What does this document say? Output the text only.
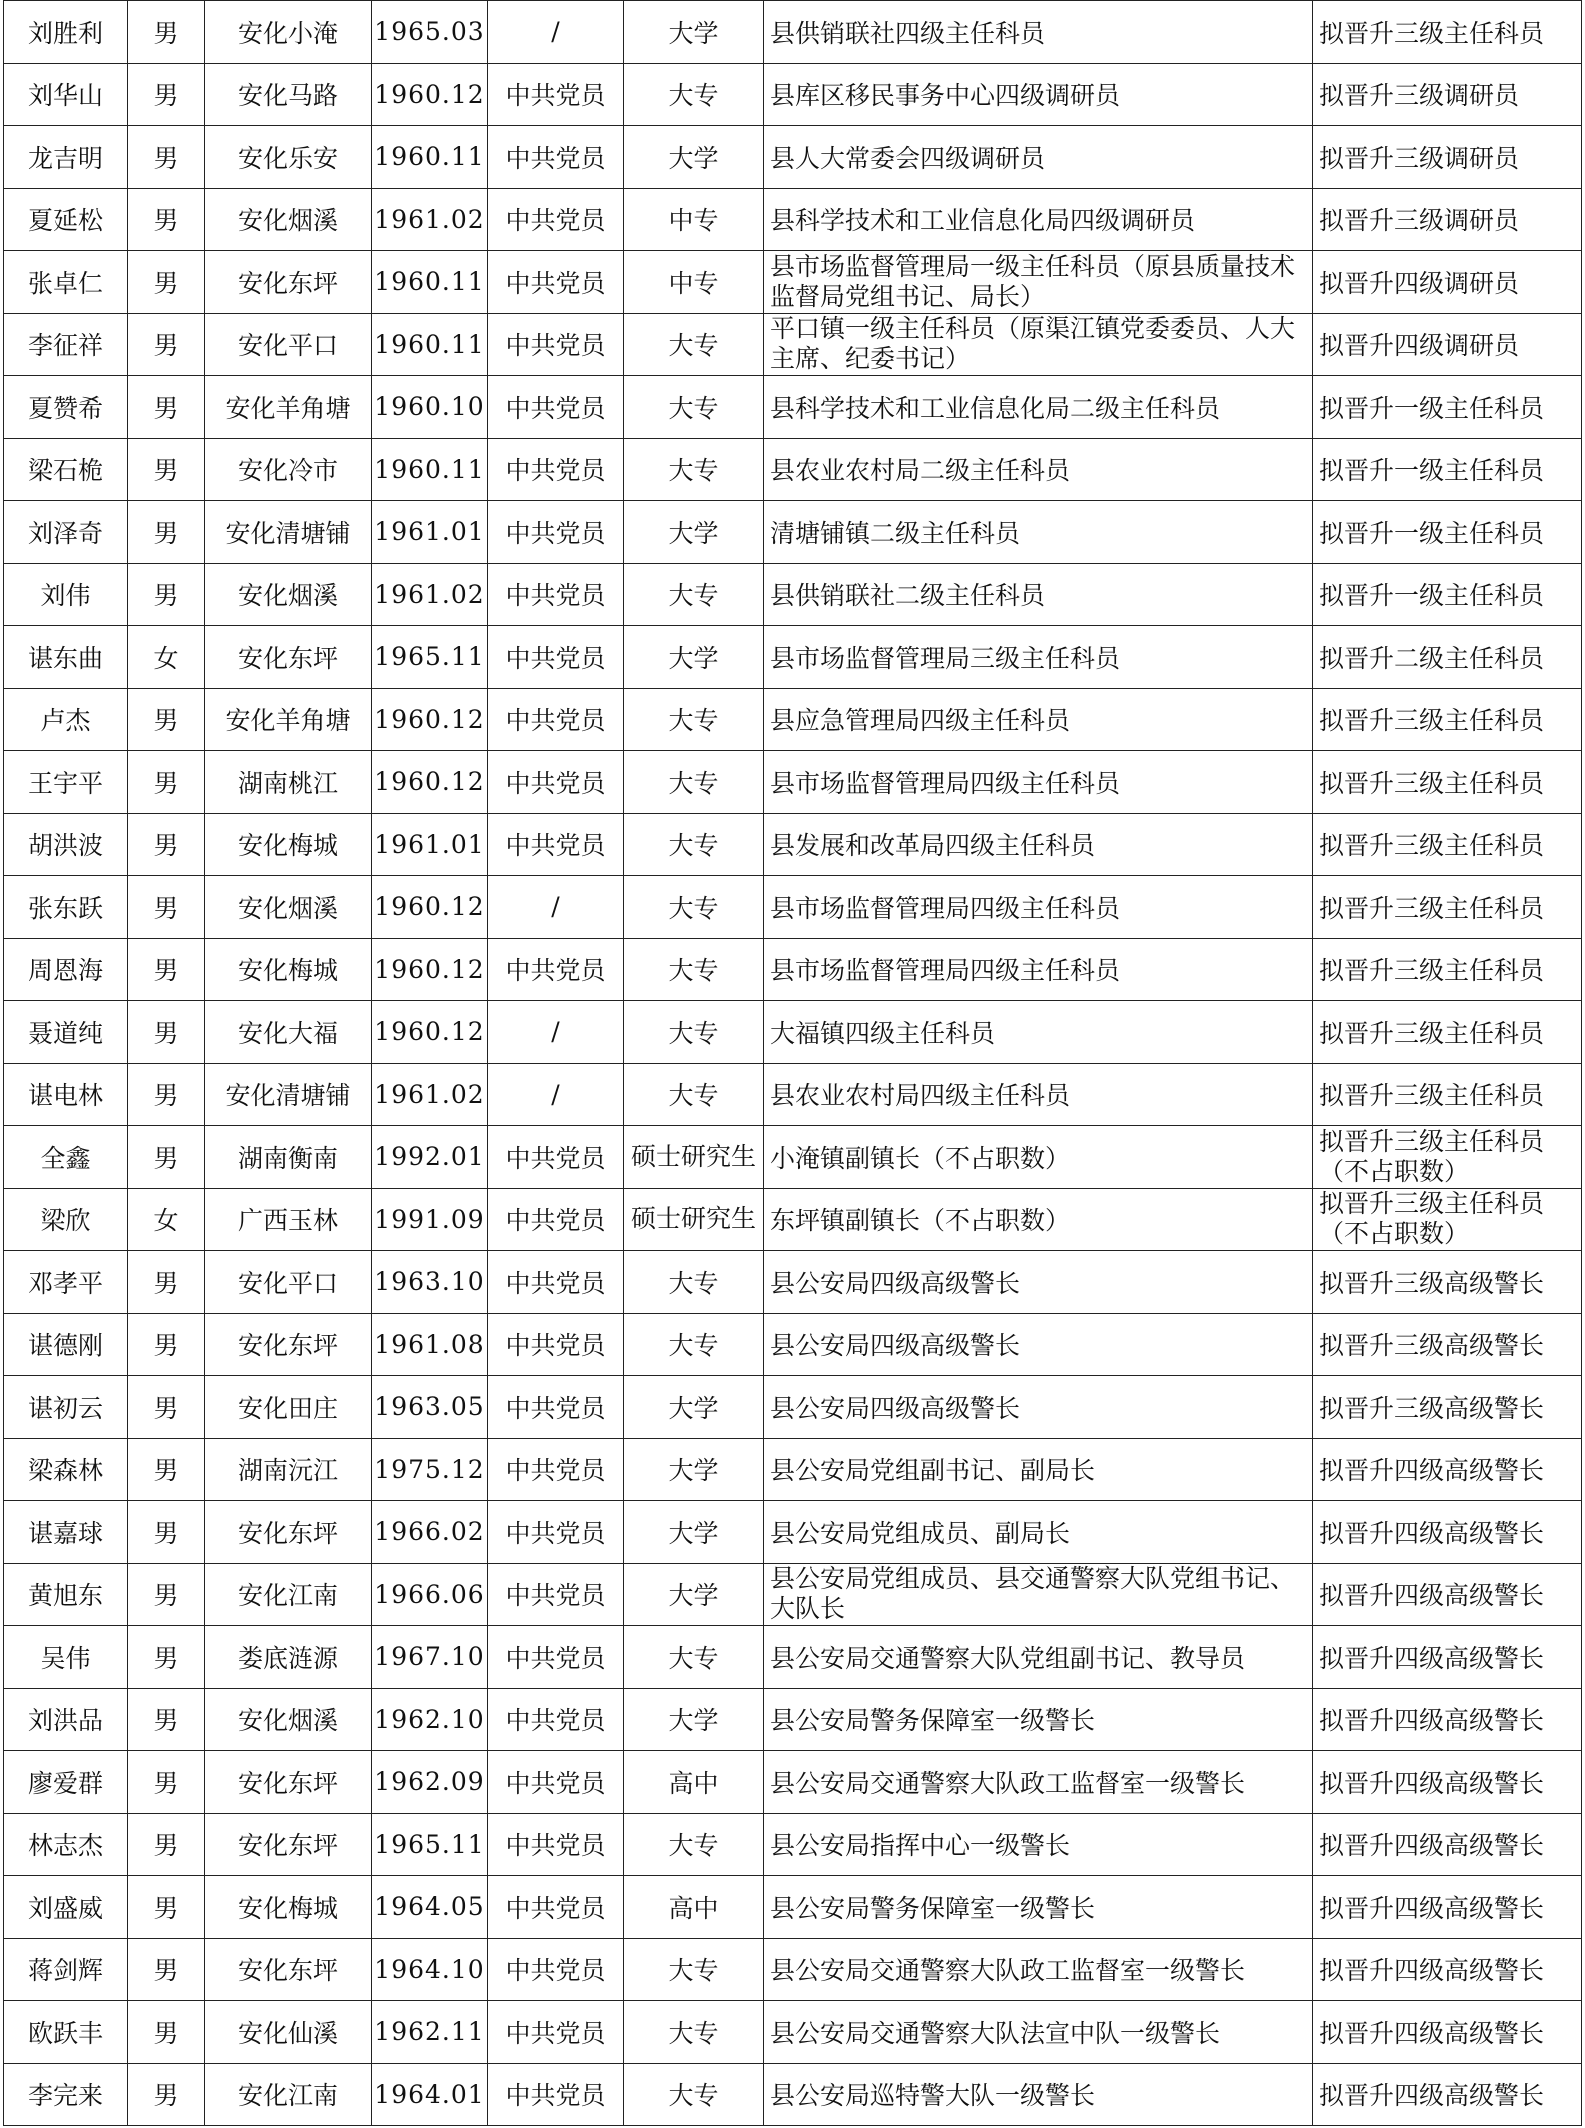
刘胜利	男	安化小淹	1965.03	/	大学	县供销联社四级主任科员	拟晋升三级主任科员
刘华山	男	安化马路	1960.12	中共党员	大专	县库区移民事务中心四级调研员	拟晋升三级调研员
龙吉明	男	安化乐安	1960.11	中共党员	大学	县人大常委会四级调研员	拟晋升三级调研员
夏延松	男	安化烟溪	1961.02	中共党员	中专	县科学技术和工业信息化局四级调研员	拟晋升三级调研员
张卓仁	男	安化东坪	1960.11	中共党员	中专	县市场监督管理局一级主任科员（原县质量技术监督局党组书记、局长）	拟晋升四级调研员
李征祥	男	安化平口	1960.11	中共党员	大专	平口镇一级主任科员（原渠江镇党委委员、人大主席、纪委书记）	拟晋升四级调研员
夏赞希	男	安化羊角塘	1960.10	中共党员	大专	县科学技术和工业信息化局二级主任科员	拟晋升一级主任科员
梁石桅	男	安化冷市	1960.11	中共党员	大专	县农业农村局二级主任科员	拟晋升一级主任科员
刘泽奇	男	安化清塘铺	1961.01	中共党员	大学	清塘铺镇二级主任科员	拟晋升一级主任科员
刘伟	男	安化烟溪	1961.02	中共党员	大专	县供销联社二级主任科员	拟晋升一级主任科员
谌东曲	女	安化东坪	1965.11	中共党员	大学	县市场监督管理局三级主任科员	拟晋升二级主任科员
卢杰	男	安化羊角塘	1960.12	中共党员	大专	县应急管理局四级主任科员	拟晋升三级主任科员
王宇平	男	湖南桃江	1960.12	中共党员	大专	县市场监督管理局四级主任科员	拟晋升三级主任科员
胡洪波	男	安化梅城	1961.01	中共党员	大专	县发展和改革局四级主任科员	拟晋升三级主任科员
张东跃	男	安化烟溪	1960.12	/	大专	县市场监督管理局四级主任科员	拟晋升三级主任科员
周恩海	男	安化梅城	1960.12	中共党员	大专	县市场监督管理局四级主任科员	拟晋升三级主任科员
聂道纯	男	安化大福	1960.12	/	大专	大福镇四级主任科员	拟晋升三级主任科员
谌电林	男	安化清塘铺	1961.02	/	大专	县农业农村局四级主任科员	拟晋升三级主任科员
全鑫	男	湖南衡南	1992.01	中共党员	硕士研究生	小淹镇副镇长（不占职数）	拟晋升三级主任科员（不占职数）

梁欣	女	广西玉林	1991.09	中共党员	硕士研究生	东坪镇副镇长（不占职数）	拟晋升三级主任科员（不占职数）

邓孝平	男	安化平口	1963.10	中共党员	大专	县公安局四级高级警长	拟晋升三级高级警长
谌德刚	男	安化东坪	1961.08	中共党员	大专	县公安局四级高级警长	拟晋升三级高级警长
谌初云	男	安化田庄	1963.05	中共党员	大学	县公安局四级高级警长	拟晋升三级高级警长
梁森林	男	湖南沅江	1975.12	中共党员	大学	县公安局党组副书记、副局长	拟晋升四级高级警长
谌嘉球	男	安化东坪	1966.02	中共党员	大学	县公安局党组成员、副局长	拟晋升四级高级警长
黄旭东	男	安化江南	1966.06	中共党员	大学	县公安局党组成员、县交通警察大队党组书记、大队长	拟晋升四级高级警长
吴伟	男	娄底涟源	1967.10	中共党员	大专	县公安局交通警察大队党组副书记、教导员	拟晋升四级高级警长
刘洪品	男	安化烟溪	1962.10	中共党员	大学	县公安局警务保障室一级警长	拟晋升四级高级警长
廖爱群	男	安化东坪	1962.09	中共党员	高中	县公安局交通警察大队政工监督室一级警长	拟晋升四级高级警长
林志杰	男	安化东坪	1965.11	中共党员	大专	县公安局指挥中心一级警长	拟晋升四级高级警长
刘盛威	男	安化梅城	1964.05	中共党员	高中	县公安局警务保障室一级警长	拟晋升四级高级警长
蒋剑辉	男	安化东坪	1964.10	中共党员	大专	县公安局交通警察大队政工监督室一级警长	拟晋升四级高级警长
欧跃丰	男	安化仙溪	1962.11	中共党员	大专	县公安局交通警察大队法宣中队一级警长	拟晋升四级高级警长
李完来	男	安化江南	1964.01	中共党员	大专	县公安局巡特警大队一级警长	拟晋升四级高级警长
